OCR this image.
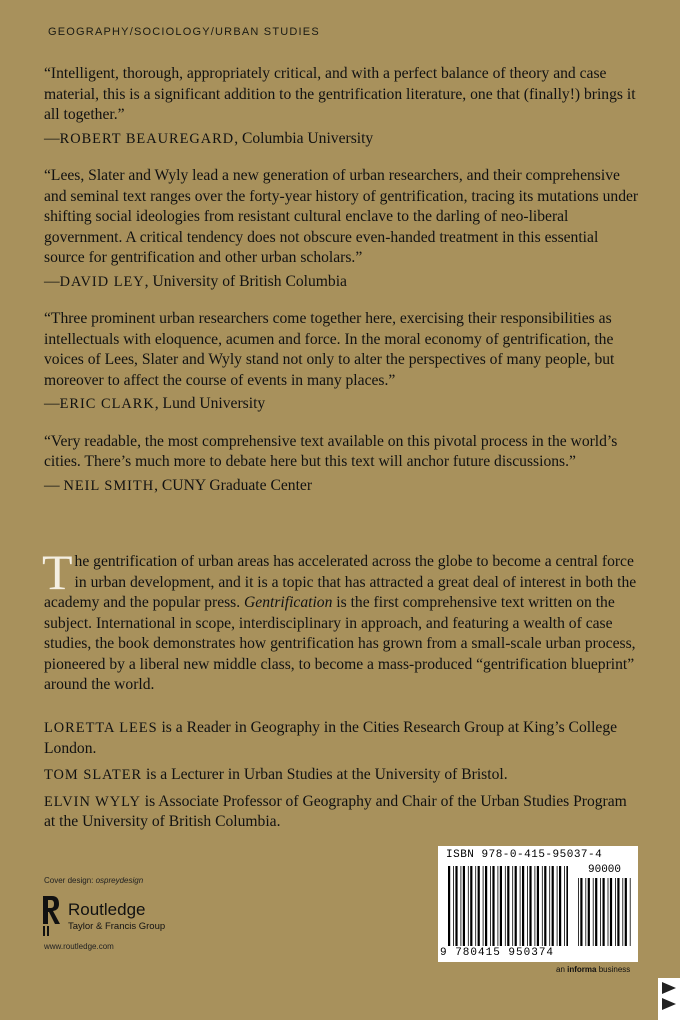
GEOGRAPHY/SOCIOLOGY/URBAN STUDIES

“Intelligent, thorough, appropriately critical, and with a perfect balance of theory and case material, this is a significant addition to the gentrification literature, one that (finally!) brings it all together.”

—ROBERT BEAUREGARD, Columbia University

“Lees, Slater and Wyly lead a new generation of urban researchers, and their comprehensive and seminal text ranges over the forty-year history of gentrification, tracing its mutations under shifting social ideologies from resistant cultural enclave to the darling of neo-liberal government. A critical tendency does not obscure even-handed treatment in this essential source for gentrification and other urban scholars.”

—DAVID LEY, University of British Columbia

“Three prominent urban researchers come together here, exercising their responsibilities as intellectuals with eloquence, acumen and force. In the moral economy of gentrification, the voices of Lees, Slater and Wyly stand not only to alter the perspectives of many people, but moreover to affect the course of events in many places.”

—ERIC CLARK, Lund University

“Very readable, the most comprehensive text available on this pivotal process in the world’s cities. There’s much more to debate here but this text will anchor future discussions.”

— NEIL SMITH, CUNY Graduate Center
The gentrification of urban areas has accelerated across the globe to become a central force in urban development, and it is a topic that has attracted a great deal of interest in both the academy and the popular press. Gentrification is the first comprehensive text written on the subject. International in scope, interdisciplinary in approach, and featuring a wealth of case studies, the book demonstrates how gentrification has grown from a small-scale urban process, pioneered by a liberal new middle class, to become a mass-produced “gentrification blueprint” around the world.
LORETTA LEES is a Reader in Geography in the Cities Research Group at King’s College London.
TOM SLATER is a Lecturer in Urban Studies at the University of Bristol.
ELVIN WYLY is Associate Professor of Geography and Chair of the Urban Studies Program at the University of British Columbia.
Cover design: ospreydesign
Routledge
Taylor & Francis Group
www.routledge.com
ISBN 978-0-415-95037-4
90000
9 780415 950374
an informa business
